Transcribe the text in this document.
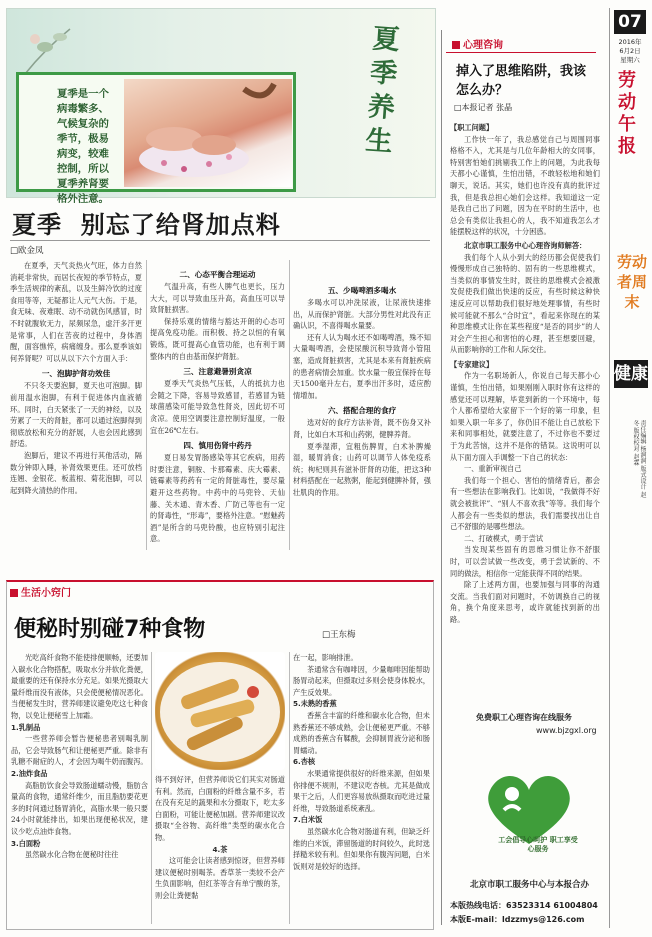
夏季养生
夏季是一个病毒繁多、气候复杂的季节，极易病变，较难控制，所以夏季养肾要格外注意。
夏季  别忘了给肾加点料
□欧金凤
在夏季，天气炎热火气旺，体力自然消耗非常快，而居长夜短的季节特点，夏季生活规律的紊乱，以及生鲜冷饮的过度食用等等，无疑都让人元气大伤。于是，食无味、夜难眠、动不动就伤风感冒，时不时就腹软无力，尿频尿急，虚汗多汗更是常事，人们在苦夜的过程中，身体酒醒，面容憔悴，病痛缠身。那么夏季该如何养肾呢？可以从以下六个方面入手：
一、泡脚护肾功效佳
不只冬天要泡脚，夏天也可泡脚。脚前用温水泡脚，有利于促进体内血液循环。同时，白天紧张了一天的神经，以及劳累了一天的肾脏，都可以通过泡脚得到彻底放松和充分的舒展，人也会因此感到舒适。
泡脚后，建议不再进行其他活动，隔数分钟即入睡，补肾效果更佳。还可放档连翘、金银花、板蓝根、菊花泡脚，可以起到降火清热的作用。
二、心态平衡合理运动
气温升高，有些人脾气也更长，压力大大，可以导致血压升高，高血压可以导致肾脏损害。
保持乐观的情绪与豁达开朗的心态可提高免疫功能。而积极、持之以恒的有氧锻炼，既可提高心血管功能，也有利于调整体内的自由基而保护肾脏。
三、注意避暑别贪凉
夏季天气炎热气压低，人的抵抗力也会随之下降，容易导致感冒，若感冒为链球菌感染可能导致急性肾炎，因此切不可贪凉。使用空调要注意控制好温度，一般宜在26℃左右。
四、慎用伤肾中药丹
夏日易发胃肠感染等其它疾病，用药时要注意，铜胺、卡那霉素、庆大霉素、链霉素等药药有一定的肾脏毒性，要尽量避开这些药物。中药中的马兜铃、天仙藤、关木通、青木香、广防己等也有一定的肾毒性，“形毒”，要格外注意。“慰魅药酒”是所含的马兜铃酸，也应特别引起注意。
五、少喝啤酒多喝水
多喝水可以冲洗尿液，让尿液快速排出，从而保护肾脏。大部分男性对此没有正确认识，不喜得喝水量要。
还有人认为喝水还不如喝啤酒，殊不知大量喝啤酒，会使尿酸沉积导致肾小管阻塞，造成肾脏损害，尤其是本来有肾脏疾病的患者病情会加重。饮水量一般宜保持在每天1500毫升左右，夏季出汗多时，适应酌情增加。
六、搭配合理的食疗
选对好的食疗方法补肾，既不伤身又补肾，比如白木耳和山药粥，健脾养肾。
夏季湿滞，宜粗伤脾胃，白术补脾燥湿，暖胃消食；山药可以调节人体免疫系统；枸杞则具有滋补肝肾的功能，把这3种材料搭配在一起熬粥，能起到健脾补肾，强壮肌肉的作用。
生活小窍门
便秘时别碰7种食物	□王东梅
光吃高纤食物不能使排便顺畅，还要加入碳水化合物搭配，吸取水分并软化粪便，最重要的还有保持水分充足。如果光摄取大量纤维而没有液体，只会使便秘情况恶化。当便秘发生时，营养师建议避免吃这七种食物，以免让便秘雪上加霜。
1.乳制品
一些营养师会暂告便秘患者别喝乳制品，它会导致肠气和让便秘更严重。除非有乳糖不耐症的人，才会因为喝牛奶而腹泻。
2.油炸食品
高脂肪饮食会导致肠道蠕动慢，脂肪含量高的食物，通常纤维少，而且脂肪要花更多的时间通过肠胃消化，高脂水果一般只要24小时就能排出，如果出现便秘状况，建议少吃点油炸食物。
3.白面粉
虽然碳水化合物在便秘时往往
得不到好评，但营养师说它们其实对肠道有利。然而，白面粉的纤维含量不多，若在没有充足的蔬果和水分摄取下，吃太多白面粉，可能让便秘加剧。营养师建议改摄取“全谷物、高纤维”类型的碳水化合物。
4.茶
这可能会让读者感到惊讶，但营养师建议便秘时别喝茶。香草茶一类较不会产生负面影响，但红茶等含有单宁酸的茶，则会让粪便黏
在一起，影响排泄。
茶通常含有咖啡因，少量咖啡因能帮助肠胃动起来，但摄取过多则会使身体脱水，产生反效果。
5.未熟的香蕉
香蕉含丰富的纤维和碳水化合物，但未熟香蕉还不够成熟，会让便秘更严重。不够成熟的香蕉含有鞣酸，会抑制胃液分泌和肠胃蠕动。
6.杏核
水果通常提供很好的纤维来源，但如果你排便不规则，不建议吃杏核。尤其是做成果干之后，人们更容易放纵摄取而吃进过量纤维，导致肠道系统紊乱。
7.白米饭
虽然碳水化合物对肠道有利，但缺乏纤维的白米饭，滞留肠道的时间较久，此时选择糙米较有利。但如果你有腹泻问题，白米饭则对是较好的选择。
心理咨询
掉入了思维陷阱，我该怎么办？
□本报记者 张晶
【职工问题】
工作快一年了，我总感觉自己与周围同事格格不入，尤其是与几位年龄相大的女同事，特别害怕她们挑剔我工作上的问题，为此我每天都小心谨慎，生怕出错，不敢轻松地和她们聊天，说话。其实，她们也许没有真的批评过我，但是我总担心她们会这样。我知道这一定是我自己出了问题，因为在平时的生活中，也总会有类似让我担心的人，我不知道我怎么才能摆脱这样的状况，十分困惑。
北京市职工服务中心心理咨询师解答：
我们每个人从小到大的经历都会促使我们慢慢形成自己独特的、固有的一些思维模式，当类似的事情发生时，既往的思维模式会被激发促使我们做出快速的反应，有些时候这种快速反应可以帮助我们很好地处理事情，有些时候可能就不那么“合时宜”，看起来你现在的某种思维模式让你在某些程度“是否的同步”的人对会产生担心和害怕的心理，甚至想要回避，从而影响你的工作和人际交往。
【专家建议】
作为一名职场新人，你说自己每天都小心谨慎，生怕出错，如果刚刚入职时你有这样的感觉还可以理解，毕竟到新的一个环境中，每个人都希望给大家留下一个好的第一印象，但如果入职一年多了，你仍旧不能让自己放松下来和同事相处，就要注意了，不过你也不要过于为此苦恼，这并不是你的错误。这说明可以从下面方面入手调整一下自己的状态：
一、重新审视自己
我们每一个担心、害怕的情绪背后，都会有一些想法在影响我们。比如说，“我做得不好就会被批评”、“别人不喜欢我”等等。我们每个人都会有一些类似的想法，我们需要找出让自己不舒服的是哪些想法。
二、打破模式，勇于尝试
当发现某些固有的思维习惯让你不舒服时，可以尝试做一些改变，勇于尝试新的、不同的做法，相信你一定能获得不同的结果。
除了上述两方面，也要加强与同事的沟通交流。当我们面对问题时，不妨调换自己的视角，换个角度来思考，或许就能找到新的出路。
免费职工心理咨询在线服务
www.bjzgxl.org
工会倡导心呵护 职工享受心服务
北京市职工服务中心与本报合办
本版热线电话：63523314 61004804
本版E-mail：ldzzmys@126.com
07
2016年
6月2日
星期六
劳动午报
劳动者周末
健康
责任编辑 杨涧涧 版式设计 赵冬 版权校对 赵霖
